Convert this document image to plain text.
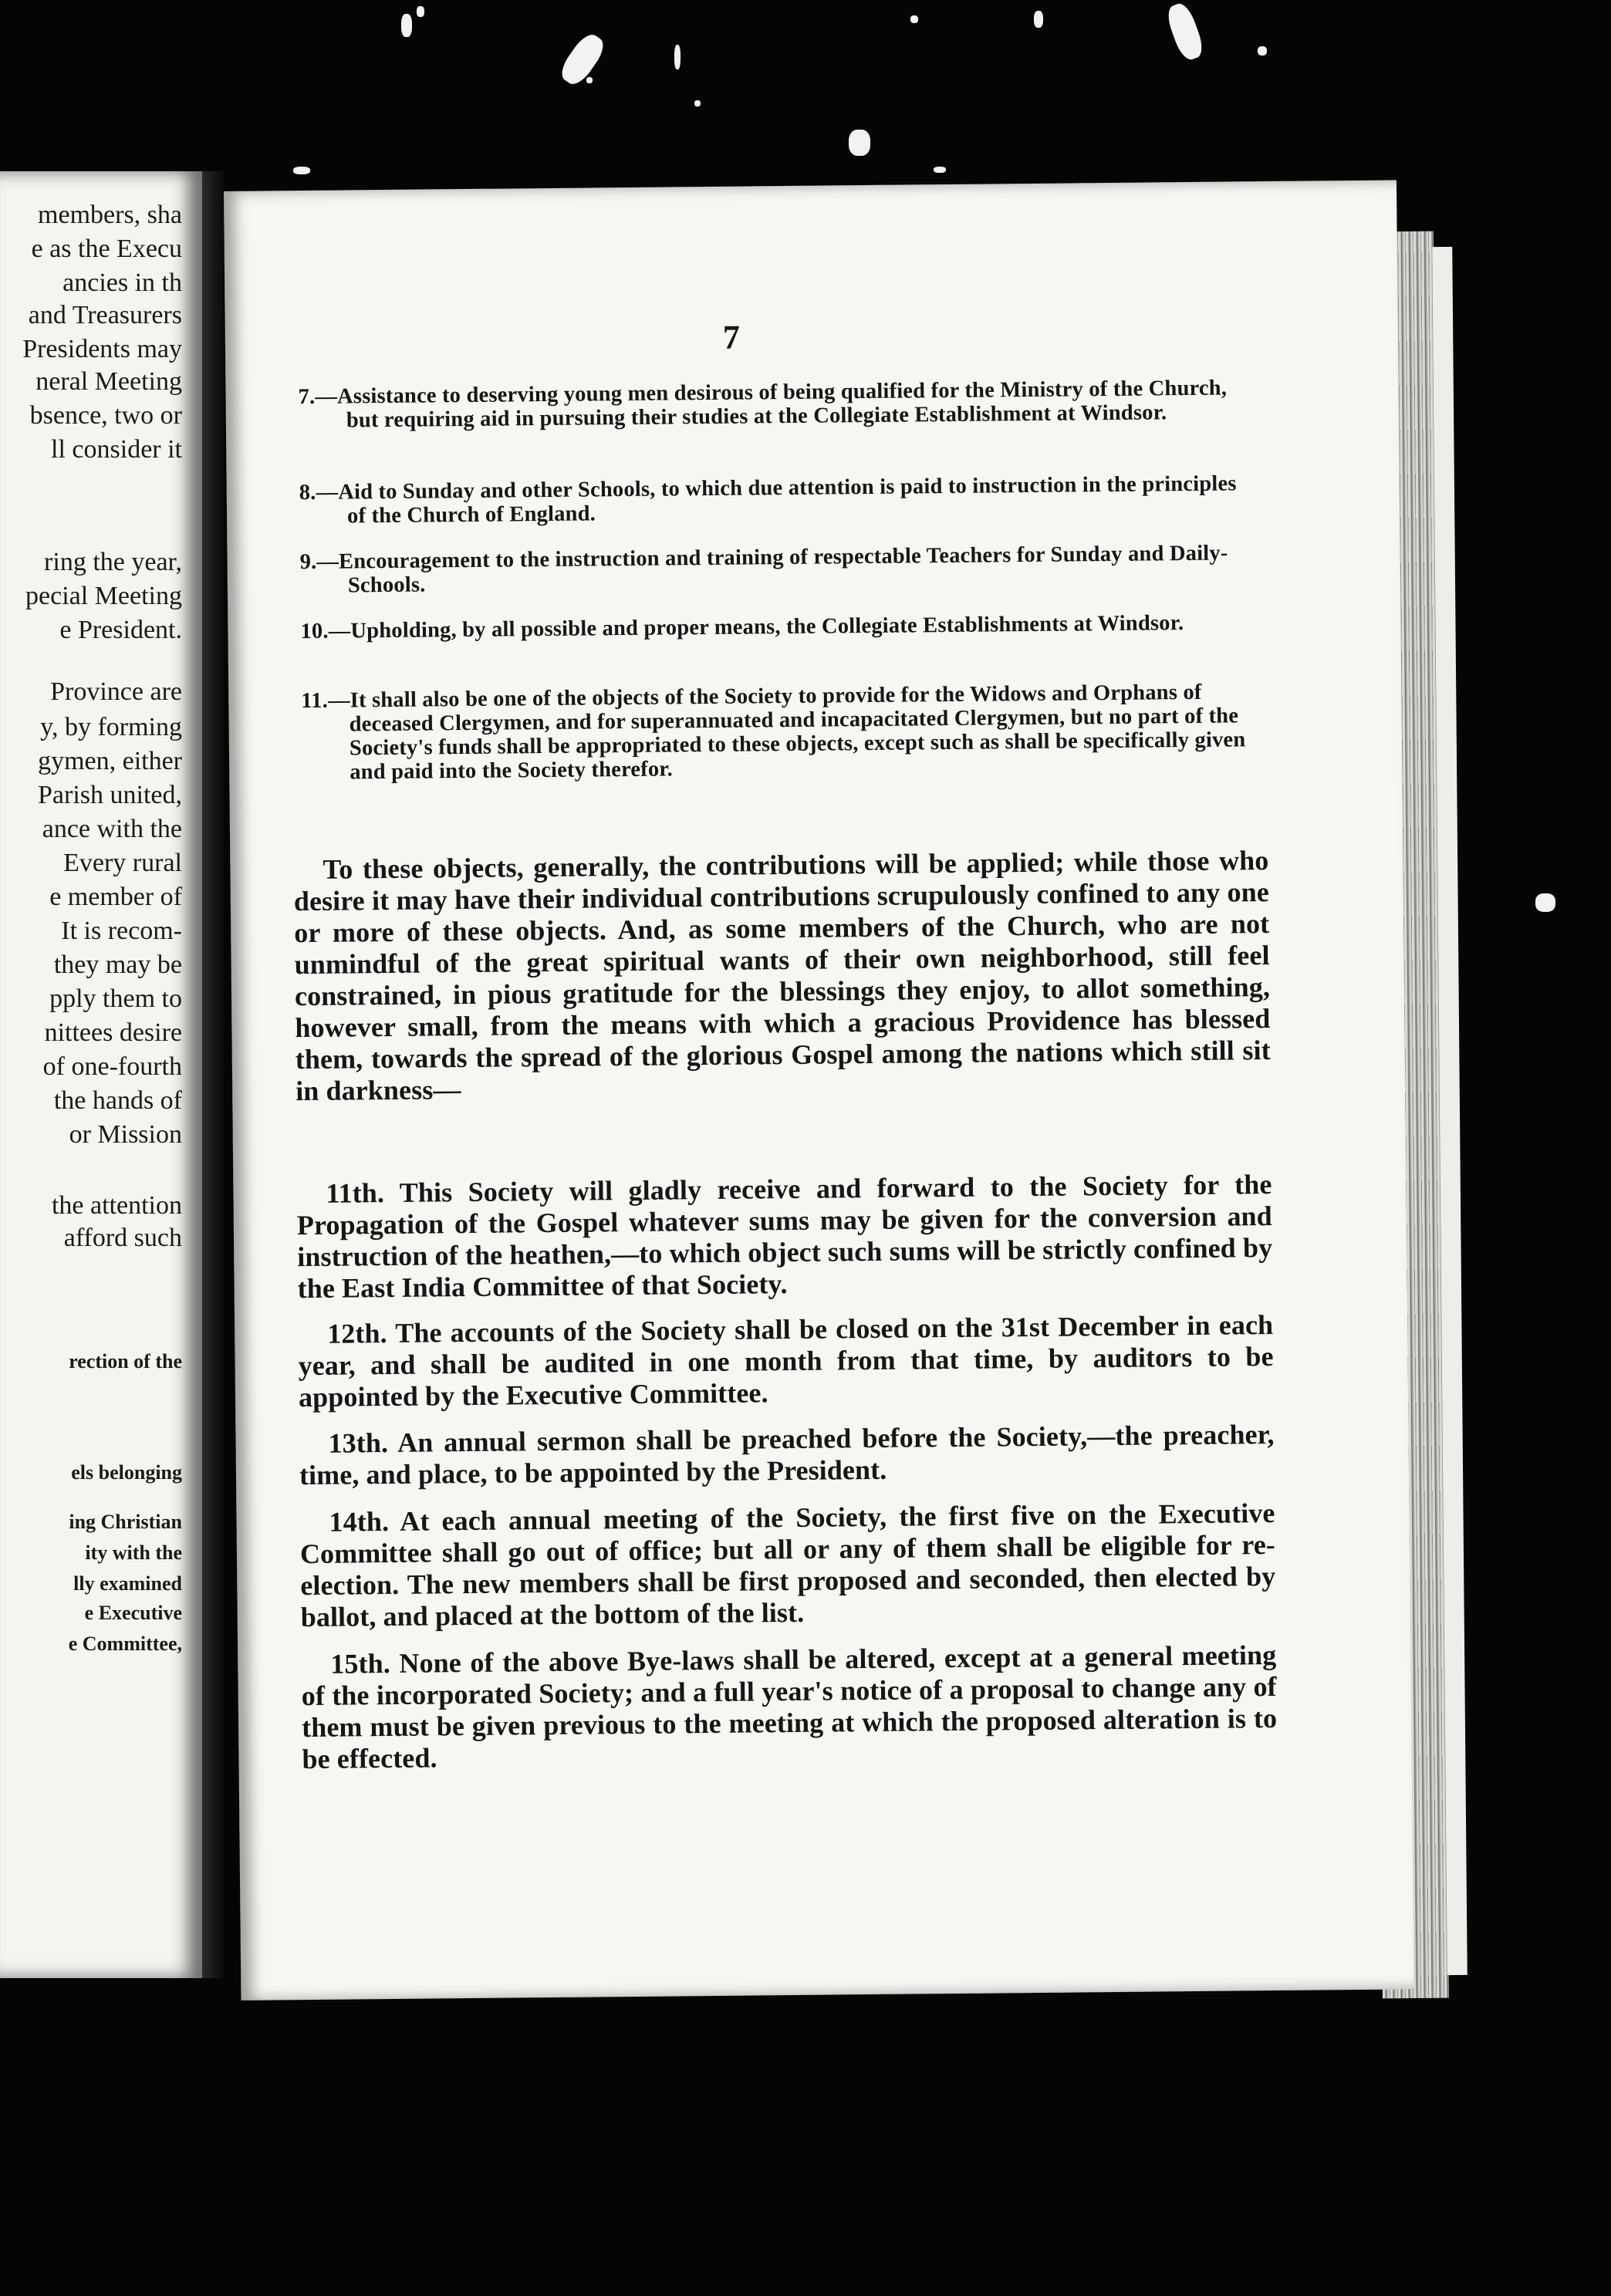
members, sha
e as the Execu
ancies in th
and Treasurers
Presidents may
neral Meeting
bsence, two or
ll consider it
ring the year,
pecial Meeting
e President.
Province are
y, by forming
gymen, either
Parish united,
ance with the
Every rural
e member of
It is recom-
they may be
pply them to
nittees desire
of one-fourth
the hands of
or Mission
the attention
afford such
rection of the
els belonging
ing Christian
ity with the
lly examined
e Executive
e Committee,
7
7.—Assistance to deserving young men desirous of being qualified for the Ministry of the Church, but requiring aid in pursuing their studies at the Collegiate Establishment at Windsor.
8.—Aid to Sunday and other Schools, to which due attention is paid to instruction in the principles of the Church of England.
9.—Encouragement to the instruction and training of respectable Teachers for Sunday and Daily-Schools.
10.—Upholding, by all possible and proper means, the Collegiate Establishments at Windsor.
11.—It shall also be one of the objects of the Society to provide for the Widows and Orphans of deceased Clergymen, and for superannuated and incapacitated Clergymen, but no part of the Society's funds shall be appropriated to these objects, except such as shall be specifically given and paid into the Society therefor.
To these objects, generally, the contributions will be applied; while those who desire it may have their individual contributions scrupulously confined to any one or more of these objects. And, as some members of the Church, who are not unmindful of the great spiritual wants of their own neighborhood, still feel constrained, in pious gratitude for the blessings they enjoy, to allot something, however small, from the means with which a gracious Providence has blessed them, towards the spread of the glorious Gospel among the nations which still sit in darkness—
11th. This Society will gladly receive and forward to the Society for the Propagation of the Gospel whatever sums may be given for the conversion and instruction of the heathen,—to which object such sums will be strictly confined by the East India Committee of that Society.
12th. The accounts of the Society shall be closed on the 31st December in each year, and shall be audited in one month from that time, by auditors to be appointed by the Executive Committee.
13th. An annual sermon shall be preached before the Society,—the preacher, time, and place, to be appointed by the President.
14th. At each annual meeting of the Society, the first five on the Executive Committee shall go out of office; but all or any of them shall be eligible for re-election. The new members shall be first proposed and seconded, then elected by ballot, and placed at the bottom of the list.
15th. None of the above Bye-laws shall be altered, except at a general meeting of the incorporated Society; and a full year's notice of a proposal to change any of them must be given previous to the meeting at which the proposed alteration is to be effected.
